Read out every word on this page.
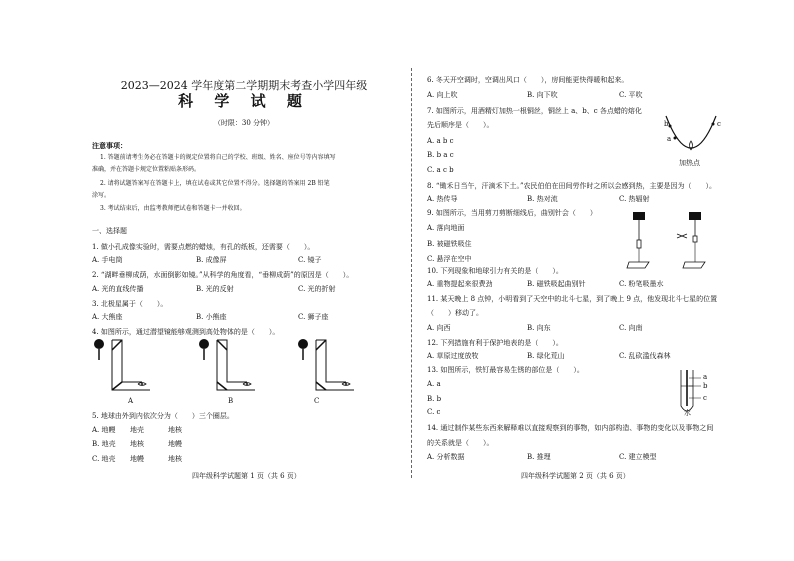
2023—2024 学年度第二学期期末考查小学四年级
科 学 试 题
（时限：30 分钟）
注意事项：
1. 答题前请考生务必在答题卡的规定位置将自己的学校、班级、姓名、座位号等内容填写
准确，并在答题卡规定位置粘贴条形码。
2. 请将试题答案写在答题卡上，填在试卷或其它位置不得分。选择题的答案用 2B 铅笔
涂写。
3. 考试结束后，由监考教师把试卷和答题卡一并收回。
一、选择题
1. 做小孔成像实验时，需要点燃的蜡烛，有孔的纸板，还需要（　　）。
A. 手电筒	B. 成像屏	C. 镜子
2. “湖畔垂柳成荫，水面倒影如镜。”从科学的角度看，“垂柳成荫”的原因是（　　）。
A. 光的直线传播	B. 光的反射	C. 光的折射
3. 北极星属于（　　）。
A. 大熊座	B. 小熊座	C. 狮子座
4. 如图所示，通过潜望镜能够观测到高处物体的是（　　）。
A	B	C
5. 地球由外到内依次分为（　　）三个圈层。
A. 地幔 地壳	地核
B. 地壳 地核	地幔
C. 地壳 地幔	地核
四年级科学试题第 1 页（共 6 页）
6. 冬天开空调时，空调出风口（　　），房间能更快得暖和起来。
A. 向上吹	B. 向下吹	C. 平吹
7. 如图所示，用酒精灯加热一根铜丝，铜丝上 a、b、c 各点蜡的熔化
先后顺序是（　　）。
A. a b c
B. b a c
C. a c b
b
a
c
加热点
8. “锄禾日当午，汗滴禾下土。”农民伯伯在田间劳作时之所以会感到热，主要是因为（　　）。
A. 热传导	B. 热对流	C. 热辐射
9. 如图所示，当用剪刀剪断细线后，曲别针会（　　）
A. 落向地面
B. 被磁铁吸住
C. 悬浮在空中
10. 下列现象和地球引力有关的是（　　）。
A. 重物提起来很费劲	B. 磁铁吸起曲别针	C. 粉笔吸墨水
11. 某天晚上 8 点钟，小明看到了天空中的北斗七星，到了晚上 9 点，他发现北斗七星的位置
（　　）移动了。
A. 向西	B. 向东	C. 向南
12. 下列措施有利于保护地表的是（　　）。
A. 草原过度放牧	B. 绿化荒山	C. 乱砍滥伐森林
13. 如图所示，铁钉最容易生锈的部位是（　　）。
A. a
B. b
C. c
a
b
c
水
14. 通过制作某些东西来解释难以直接观察到的事物，如内部构造、事物的变化以及事物之间
的关系就是（　　）。
A. 分析数据	B. 推理	C. 建立模型
四年级科学试题第 2 页（共 6 页）
